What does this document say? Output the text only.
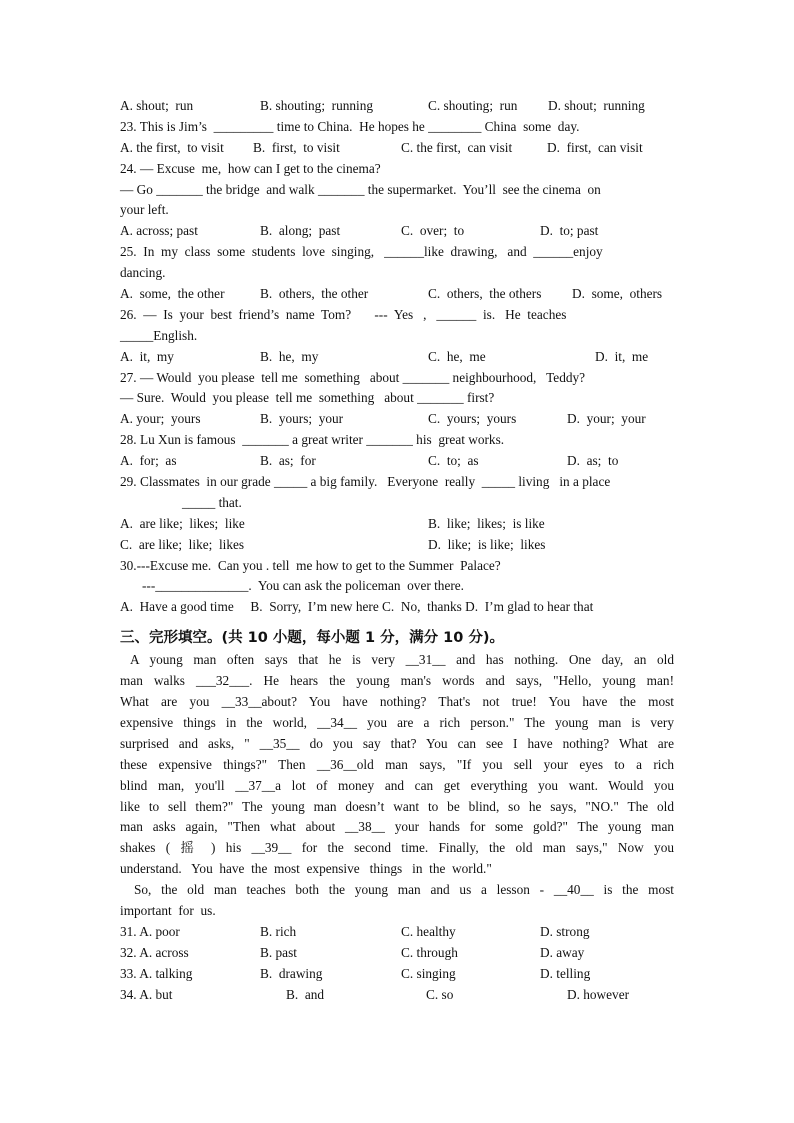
A. shout;  run

	B. shouting;  running

	C. shouting;  run

D. shout;  running

23. This is Jim’s  _________ time to China.  He hopes he ________ China  some  day.

A. the first,  to visit

B.  first,  to visit

	C. the first,  can visit

	D.  first,  can visit

24. — Excuse  me,  how can I get to the cinema?
— Go _______ the bridge  and walk _______ the supermarket.  You’ll  see the cinema  on
your left.

A. across; past

	B.  along;  past

	C.  over;  to

	D.  to; past

25.  In  my  class  some  students  love  singing,   ______like  drawing,   and  ______enjoy
dancing.

A.  some,  the other

	B.  others,  the other

	C.  others,  the others

D.  some,  others

26.  —  Is  your  best  friend’s  name  Tom?       ---  Yes   ,   ______  is.   He  teaches
_____English.

A.  it,  my

	B.  he,  my

	C.  he,  me

	D.  it,  me

27. — Would  you please  tell me  something   about _______ neighbourhood,   Teddy?
— Sure.  Would  you please  tell me  something   about _______ first?

A. your;  yours

	B.  yours;  your

	C.  yours;  yours

	D.  your;  your

28. Lu Xun is famous  _______ a great writer _______ his  great works.

A.  for;  as

	B.  as;  for

	C.  to;  as

	D.  as;  to

29. Classmates  in our grade _____ a big family.   Everyone  really  _____ living   in a place
_____ that.

A.  are like;  likes;  like

	B.  like;  likes;  is like

C.  are like;  like;  likes

	D.  like;  is like;  likes

30.---Excuse me.  Can you . tell  me how to get to the Summer  Palace?
---______________.  You can ask the policeman  over there.
A.  Have a good time     B.  Sorry,  I’m new here C.  No,  thanks D.  I’m glad to hear that
三、完形填空。(共 10 小题，每小题 1 分，满分 10 分)。
A young man often says that he is very __31__ and has nothing. One day, an old
man walks ___32___. He hears the young man's words and says, "Hello, young man!
What are you __33__about? You have nothing? That's not true! You have the most
expensive things in the world, __34__ you are a rich person." The young man is very
surprised and asks, " __35__ do you say that? You can see I have nothing? What are
these expensive things?" Then __36__old man says, "If you sell your eyes to a rich
blind man, you'll __37__a lot of money and can get everything you want. Would you
like to sell them?" The young man doesn’t want to be blind, so he says, "NO." The old
man asks again, "Then what about __38__ your hands for some gold?" The young man
shakes ( 摇 ) his __39__ for the second time. Finally, the old man says," Now you
understand.   You  have  the  most  expensive   things   in  the  world."
So, the old man teaches both the young man and us a lesson - __40__ is the most
important  for  us.

31. A. poor

	B. rich

	C. healthy

	D. strong

32. A. across

	B. past

	C. through

	D. away

33. A. talking

	B.  drawing

	C. singing

	D. telling

34. A. but

	B.  and

	C. so

	D. however
